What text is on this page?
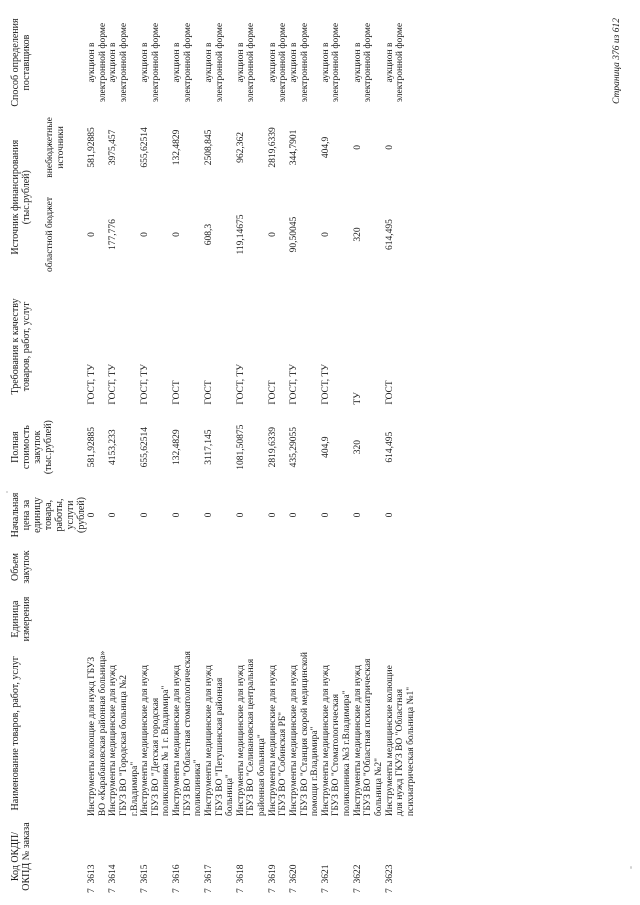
Код ОКДП/ ОКПД № заказа	Наименование товаров, работ, услуг	Единица измерения	Объем закупок	Начальная цена за единицу товара, работы, услуги (рублей)	Полная стоимость закупок (тыс.рублей)	Требования к качеству товаров, работ, услуг	Источник финансирования (тыс.рублей)		Способ определения поставщиков
							областной бюджет	внебюджетные источники	
7  3613	Инструменты колющие для нужд ГБУЗ ВО «Карабановская районная больница»			0	581,92885	ГОСТ, ТУ	0	581,92885	аукцион в электронной форме
7  3614	Инструменты медицинские для нужд ГБУЗ ВО "Городская больница №2 г.Владимира"			0	4153,233	ГОСТ, ТУ	177,776	3975,457	аукцион в электронной форме
7  3615	Инструменты медицинские для нужд ГБУЗ ВО "Детская городская поликлиника № 1 г. Владимира"			0	655,62514	ГОСТ, ТУ	0	655,62514	аукцион в электронной форме
7  3616	Инструменты медицинские для нужд ГБУЗ ВО "Областная стоматологическая поликлиника"			0	132,4829	ГОСТ	0	132,4829	аукцион в электронной форме
7  3617	Инструменты медицинские для нужд ГБУЗ ВО "Петушинская районная больница"			0	3117,145	ГОСТ	608,3	2508,845	аукцион в электронной форме
7  3618	Инструменты медицинские для нужд ГБУЗ ВО "Селивановская центральная районная больница"			0	1081,50875	ГОСТ, ТУ	119,14675	962,362	аукцион в электронной форме
7  3619	Инструменты медицинские для нужд ГБУЗ ВО "Собинская РБ"			0	2819,6339	ГОСТ	0	2819,6339	аукцион в электронной форме
7  3620	Инструменты медицинские для нужд ГБУЗ ВО "Станция скорой медицинской помощи г.Владимира"			0	435,29055	ГОСТ, ТУ	90,50045	344,7901	аукцион в электронной форме
7  3621	Инструменты медицинские для нужд ГБУЗ ВО "Стоматологическая поликлиника №3 г.Владимира"			0	404,9	ГОСТ, ТУ	0	404,9	аукцион в электронной форме
7  3622	Инструменты медицинские для нужд ГБУЗ ВО "Областная психиатрическая больница №2"			0	320	ТУ	320	0	аукцион в электронной форме
7  3623	Инструменты медицинские колющие для нужд ГКУЗ ВО "Областная психиатрическая больница №1"			0	614,495	ГОСТ	614,495	0	аукцион в электронной форме	Страница 376 из 612
